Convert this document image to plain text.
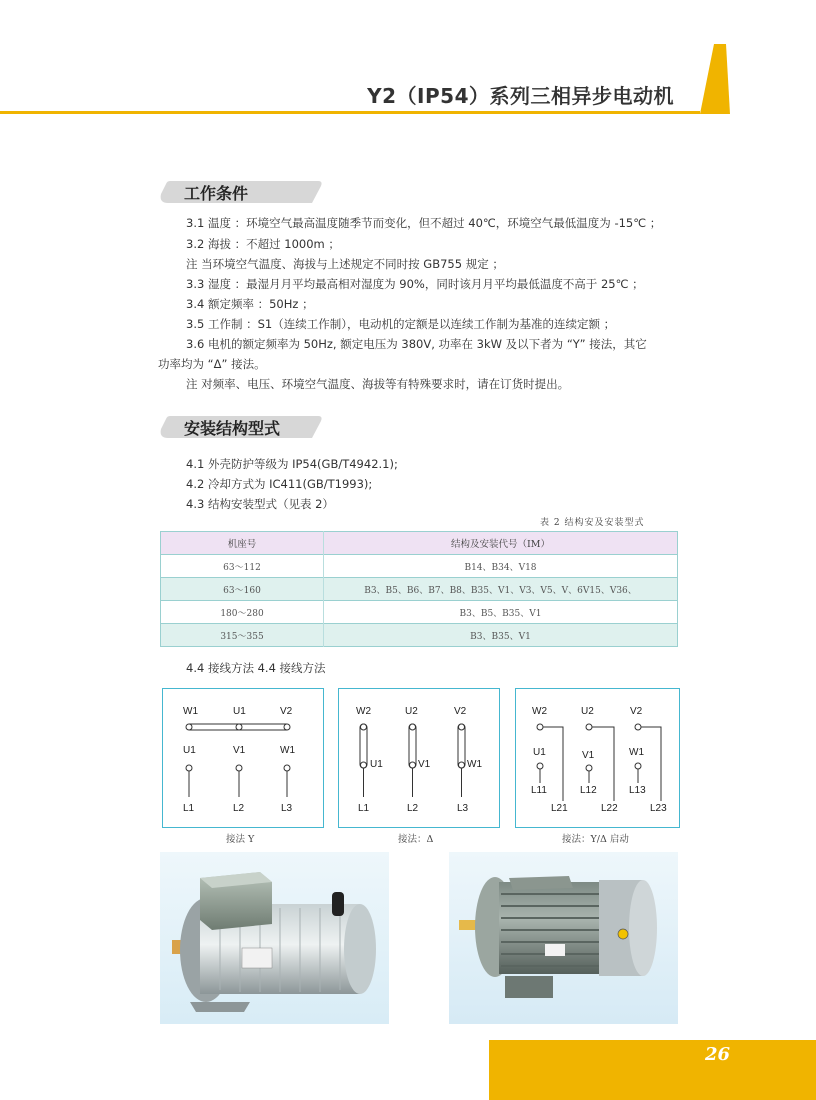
Y2（IP54）系列三相异步电动机
工作条件
3.1 温度 ：环境空气最高温度随季节而变化，但不超过 40℃，环境空气最低温度为 -15℃ ；
3.2 海拔 ：不超过 1000m ；
注 当环境空气温度、海拔与上述规定不同时按 GB755 规定 ；
3.3 湿度 ：最湿月月平均最高相对湿度为 90%，同时该月月平均最低温度不高于 25℃ ；
3.4 额定频率 ：50Hz ；
3.5 工作制 ：S1（连续工作制），电动机的定额是以连续工作制为基准的连续定额 ；
3.6 电机的额定频率为 50Hz, 额定电压为 380V, 功率在 3kW 及以下者为 “Y” 接法，其它
功率均为 “Δ” 接法。
注 对频率、电压、环境空气温度、海拔等有特殊要求时，请在订货时提出。
安装结构型式
4.1 外壳防护等级为 IP54(GB/T4942.1);
4.2 冷却方式为 IC411(GB/T1993);
4.3 结构安装型式（见表 2）
表 2 结构安及安装型式
机座号	结构及安装代号（IM）
63～112	B14、B34、V18
63～160	B3、B5、B6、B7、B8、B35、V1、V3、V5、V、6V15、V36、
180～280	B3、B5、B35、V1
315～355	B3、B35、V1
4.4 接线方法 4.4 接线方法
W1	U1	V2
U1	V1	W1
L1	L2	L3
接法 Y
W2	U2	V2
U1	V1	W1
L1	L2	L3
接法：Δ
W2	U2	V2
U1	V1	W1
L11	L12	L13
L21	L22	L23
接法：Y/Δ 启动
26
